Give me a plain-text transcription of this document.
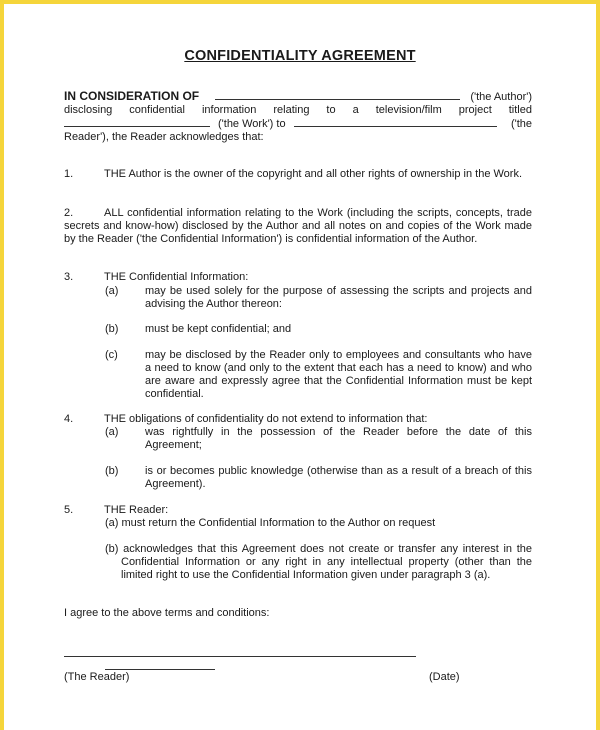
CONFIDENTIALITY AGREEMENT
IN CONSIDERATION OF	('the Author')
disclosing confidential information relating to a television/film project titled
('the Work') to	('the
Reader'), the Reader acknowledges that:
THE Author is the owner of the copyright and all other rights of ownership in the Work.
1.
ALL confidential information relating to the Work (including the scripts, concepts, trade secrets and know-how) disclosed by the Author and all notes on and copies of the Work made by the Reader ('the Confidential Information') is confidential information of the Author.
2.
3.	THE Confidential Information:
(a) may be used solely for the purpose of assessing the scripts and projects and advising the Author thereon:
(b) must be kept confidential; and
(c) may be disclosed by the Reader only to employees and consultants who have a need to know (and only to the extent that each has a need to know) and who are aware and expressly agree that the Confidential Information must be kept confidential.
4.	THE obligations of confidentiality do not extend to information that:
(a) was rightfully in the possession of the Reader before the date of this Agreement;
(b) is or becomes public knowledge (otherwise than as a result of a breach of this Agreement).
5.	THE Reader:
(a) must return the Confidential Information to the Author on request
(b) acknowledges that this Agreement does not create or transfer any interest in the Confidential Information or any right in any intellectual property (other than the limited right to use the Confidential Information given under paragraph 3 (a).
I agree to the above terms and conditions:
(The Reader)	(Date)
